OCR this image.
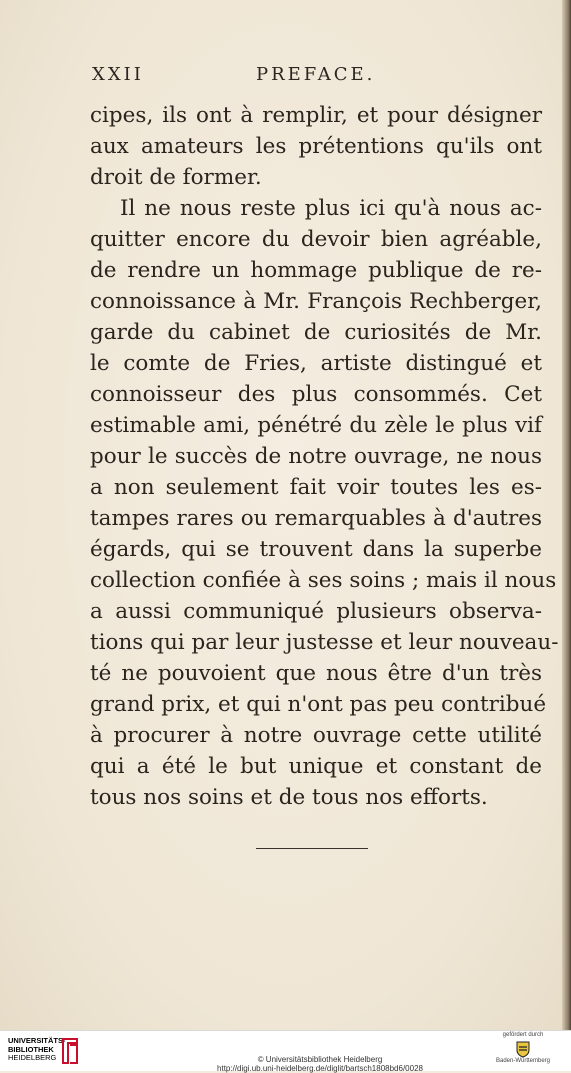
XXII	PREFACE.
cipes, ils ont à remplir, et pour désigner
aux amateurs les prétentions qu'ils ont
droit de former.
Il ne nous reste plus ici qu'à nous ac-
quitter encore du devoir bien agréable,
de rendre un hommage publique de re-
connoissance à Mr. François Rechberger,
garde du cabinet de curiosités de Mr.
le comte de Fries, artiste distingué et
connoisseur des plus consommés. Cet
estimable ami, pénétré du zèle le plus vif
pour le succès de notre ouvrage, ne nous
a non seulement fait voir toutes les es-
tampes rares ou remarquables à d'autres
égards, qui se trouvent dans la superbe
collection confiée à ses soins ; mais il nous
a aussi communiqué plusieurs observa-
tions qui par leur justesse et leur nouveau-
té ne pouvoient que nous être d'un très
grand prix, et qui n'ont pas peu contribué
à procurer à notre ouvrage cette utilité
qui a été le but unique et constant de
tous nos soins et de tous nos efforts.
UNIVERSITÄTS-
BIBLIOTHEK
HEIDELBERG	© Universitätsbibliothek Heidelberg
http://digi.ub.uni-heidelberg.de/diglit/bartsch1808bd6/0028
gefördert durch
Baden-Württemberg
